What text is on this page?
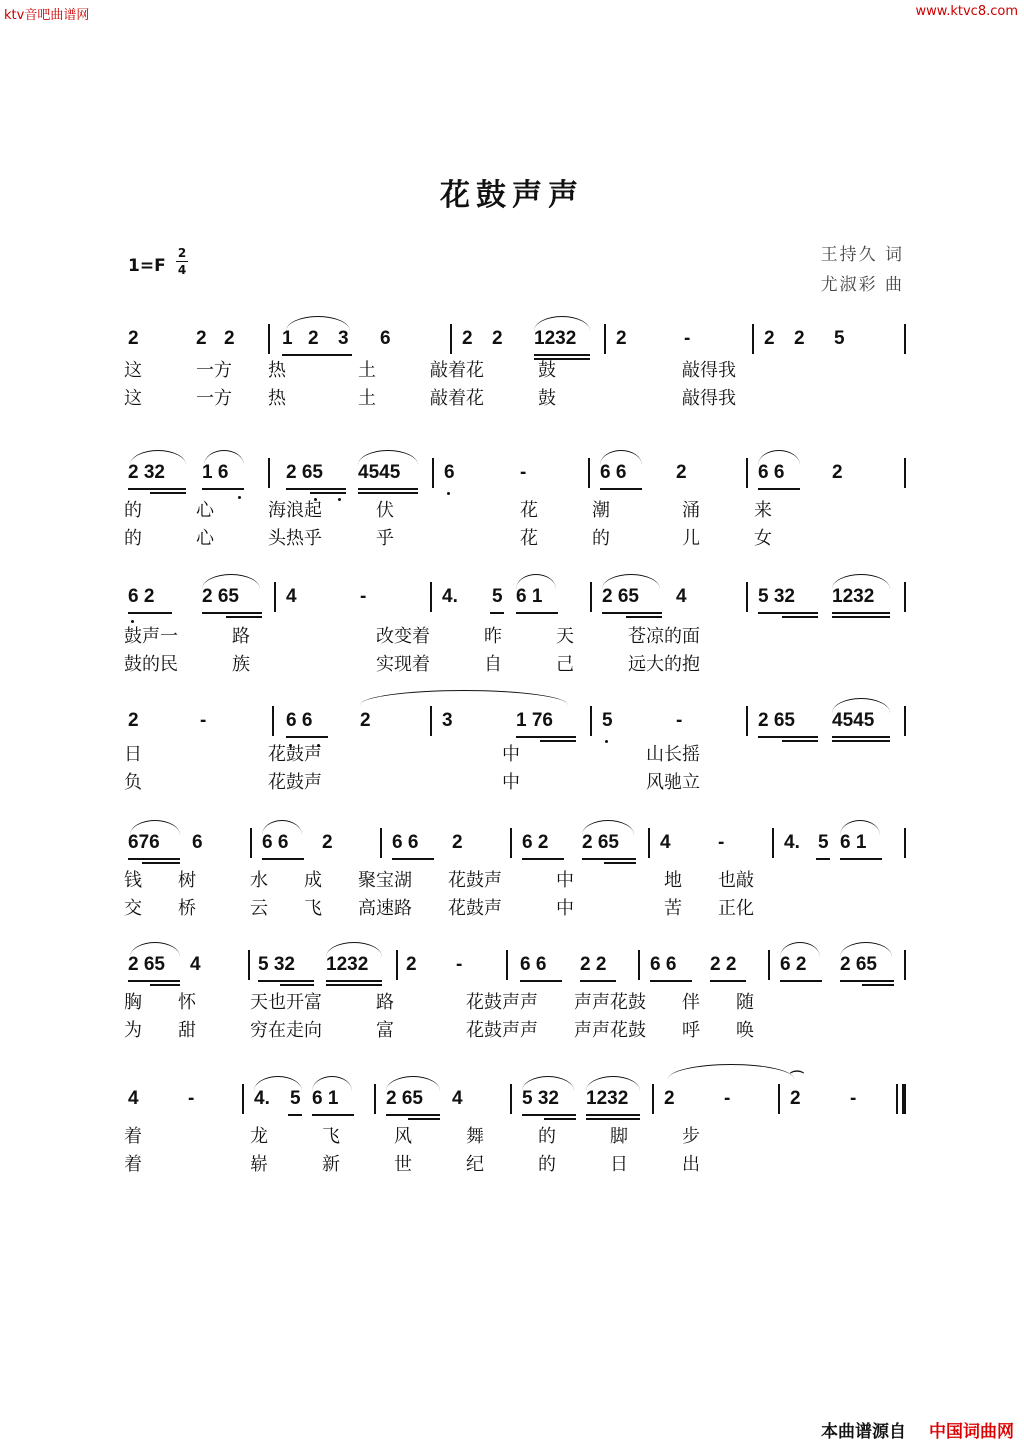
ktv音吧曲谱网	www.ktvc8.com
花鼓声声
王持久 词
尤淑彩 曲
1=F
2
4
2	2 2 1 2 3 6	2 2 1232 2	-	2 2 5
这　　　一方　　热　　　　土　　　敲着花　　　鼓　　　　　　　敲得我
这　　　一方　　热　　　　土　　　敲着花　　　鼓　　　　　　　敲得我
2 32 1 6	2 65 4545 6	-	6 6	2	6 6	2
的　　　心　　　海浪起　　　伏　　　　　　　花　　　潮　　　　涌　　　来
的　　　心　　　头热乎　　　乎　　　　　　　花　　　的　　　　儿　　　女
6 2	2 65 4	-	4. 5 6 1	2 65 4	5 32 1232
鼓声一　　　路　　　　　　　改变着　　　昨　　　天　　　苍凉的面
鼓的民　　　族　　　　　　　实现着　　　自　　　己　　　远大的抱
2	-	6 6	2	3	1 76	5	-	2 65 4545
日　　　　　　　花鼓声　　　　　　　　　　中　　　　　　　山长摇
负　　　　　　　花鼓声　　　　　　　　　　中　　　　　　　风驰立
676 6	6 6 2	6 6 2	6 2 2 65 4 -	4. 5 6 1
钱　　树　　　水　　成　　聚宝湖　　花鼓声　　　中　　　　　地　　也敲
交　　桥　　　云　　飞　　高速路　　花鼓声　　　中　　　　　苦　　正化
2 65 4	5 32 1232 2 -	6 6 2 2 6 6 2 2 6 2 2 65
胸　　怀　　　天也开富　　　路　　　　花鼓声声　　声声花鼓　　伴　　随
为　　甜　　　穷在走向　　　富　　　　花鼓声声　　声声花鼓　　呼　　唤
4	-	4. 5 6 1	2 65 4	5 32 1232 2	-
⌒
2	-
着　　　　　　龙　　　飞　　　风　　　舞　　　的　　　脚　　　步
着　　　　　　崭　　　新　　　世　　　纪　　　的　　　日　　　出
本曲谱源自 中国词曲网
